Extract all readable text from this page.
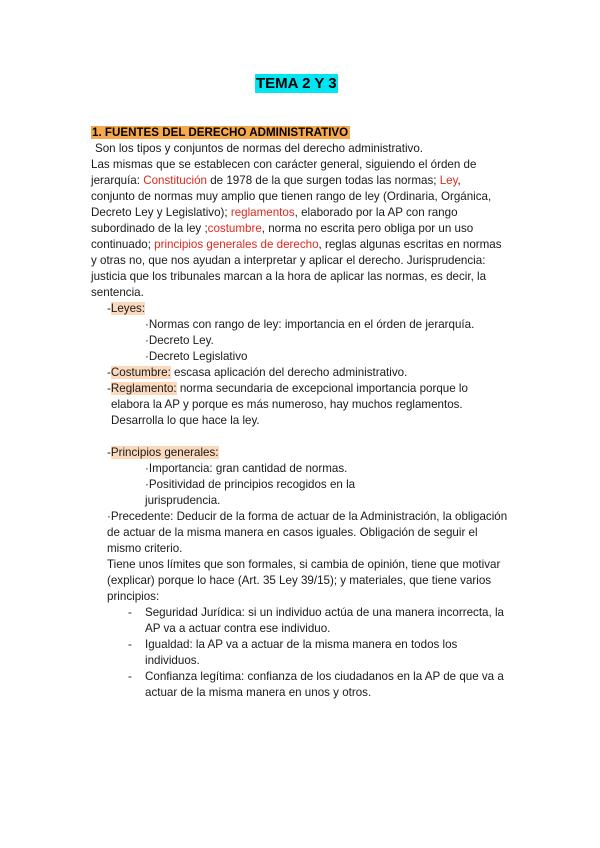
TEMA 2 Y 3
1. FUENTES DEL DERECHO ADMINISTRATIVO
Son los tipos y conjuntos de normas del derecho administrativo.
Las mismas que se establecen con carácter general, siguiendo el órden de
jerarquía: Constitución de 1978 de la que surgen todas las normas; Ley,
conjunto de normas muy amplio que tienen rango de ley (Ordinaria, Orgánica,
Decreto Ley y Legislativo); reglamentos, elaborado por la AP con rango
subordinado de la ley ;costumbre, norma no escrita pero obliga por un uso
continuado; principios generales de derecho, reglas algunas escritas en normas
y otras no, que nos ayudan a interpretar y aplicar el derecho. Jurisprudencia:
justicia que los tribunales marcan a la hora de aplicar las normas, es decir, la
sentencia.
-Leyes:
·Normas con rango de ley: importancia en el órden de jerarquía.
·Decreto Ley.
·Decreto Legislativo
-Costumbre: escasa aplicación del derecho administrativo.
-Reglamento: norma secundaria de excepcional importancia porque lo
elabora la AP y porque es más numeroso, hay muchos reglamentos.
Desarrolla lo que hace la ley.
-Principios generales:
·Importancia: gran cantidad de normas.
·Positividad de principios recogidos en la
jurisprudencia.
·Precedente: Deducir de la forma de actuar de la Administración, la obligación
de actuar de la misma manera en casos iguales. Obligación de seguir el
mismo criterio.
Tiene unos límites que son formales, si cambia de opinión, tiene que motivar
(explicar) porque lo hace (Art. 35 Ley 39/15); y materiales, que tiene varios
principios:
- Seguridad Jurídica: si un individuo actúa de una manera incorrecta, la
AP va a actuar contra ese individuo.
- Igualdad: la AP va a actuar de la misma manera en todos los
individuos.
- Confianza legítima: confianza de los ciudadanos en la AP de que va a
actuar de la misma manera en unos y otros.
